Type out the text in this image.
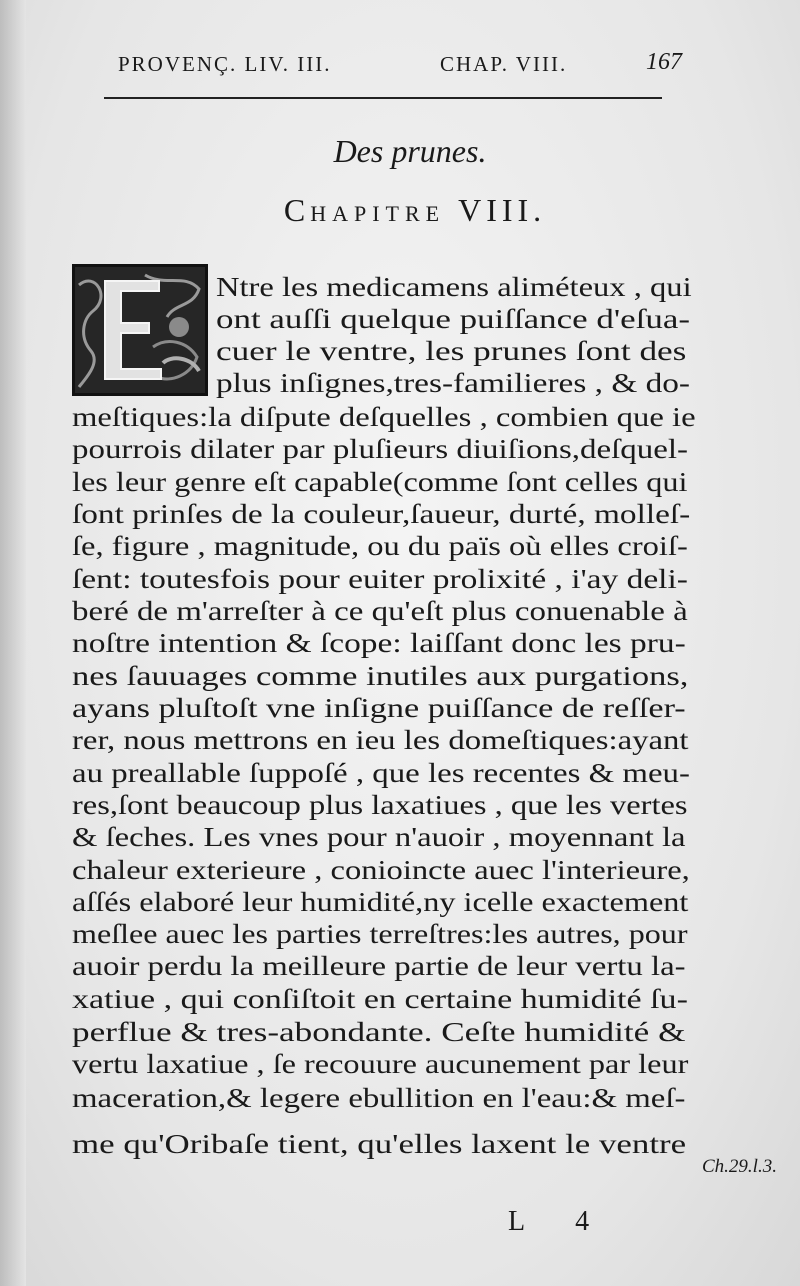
PROVENÇ. LIV. III.	CHAP. VIII.	167
Des prunes.
CHAPITRE VIII.
E
Ntre les medicamens aliméteux , qui
ont auſſi quelque puiſſance d'eſua-
cuer le ventre, les prunes ſont des
plus inſignes,tres-familieres , & do-
meſtiques:la diſpute deſquelles , combien que ie
pourrois dilater par pluſieurs diuiſions,deſquel-
les leur genre eſt capable(comme ſont celles qui
ſont prinſes de la couleur,ſaueur, durté, molleſ-
ſe, figure , magnitude, ou du païs où elles croiſ-
ſent: toutesfois pour euiter prolixité , i'ay deli-
beré de m'arreſter à ce qu'eſt plus conuenable à
noſtre intention & ſcope: laiſſant donc les pru-
nes ſauuages comme inutiles aux purgations,
ayans pluſtoſt vne inſigne puiſſance de reſſer-
rer, nous mettrons en ieu les domeſtiques:ayant
au preallable ſuppoſé , que les recentes & meu-
res,ſont beaucoup plus laxatiues , que les vertes
& ſeches. Les vnes pour n'auoir , moyennant la
chaleur exterieure , conioincte auec l'interieure,
aſſés elaboré leur humidité,ny icelle exactement
meſlee auec les parties terreſtres:les autres, pour
auoir perdu la meilleure partie de leur vertu la-
xatiue , qui conſiſtoit en certaine humidité ſu-
perflue & tres-abondante. Ceſte humidité &
vertu laxatiue , ſe recouure aucunement par leur
maceration,& legere ebullition en l'eau:& meſ-
me qu'Oribaſe tient, qu'elles laxent le ventre
Ch.29.l.3.
L 4
